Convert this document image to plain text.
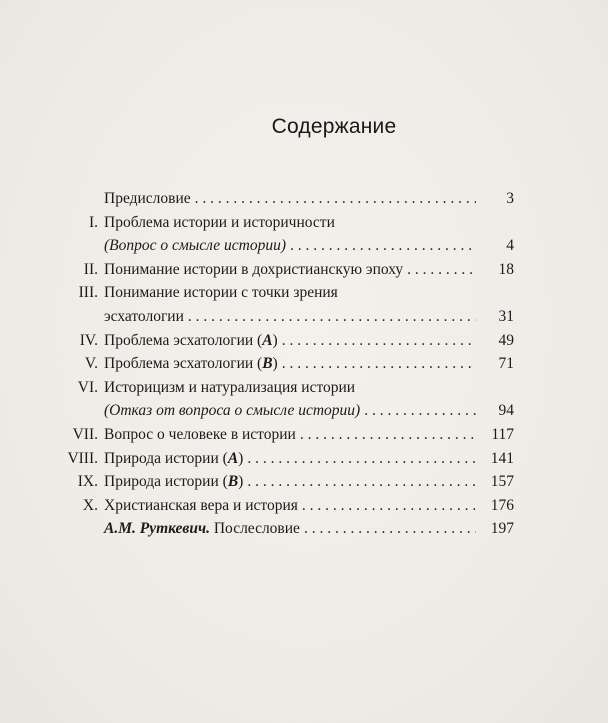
Содержание
Предисловие . . .	3
I. Проблема истории и историчности
(Вопрос о смысле истории) . . .	4
II. Понимание истории в дохристианскую эпоху . . .	18
III. Понимание истории с точки зрения
эсхатологии . . .	31
IV. Проблема эсхатологии (A) . . .	49
V. Проблема эсхатологии (B) . . .	71
VI. Историцизм и натурализация истории
(Отказ от вопроса о смысле истории) . . .	94
VII. Вопрос о человеке в истории . . .	117
VIII. Природа истории (A) . . .	141
IX. Природа истории (B) . . .	157
X. Христианская вера и история . . .	176
А.М. Руткевич. Послесловие . . .	197
